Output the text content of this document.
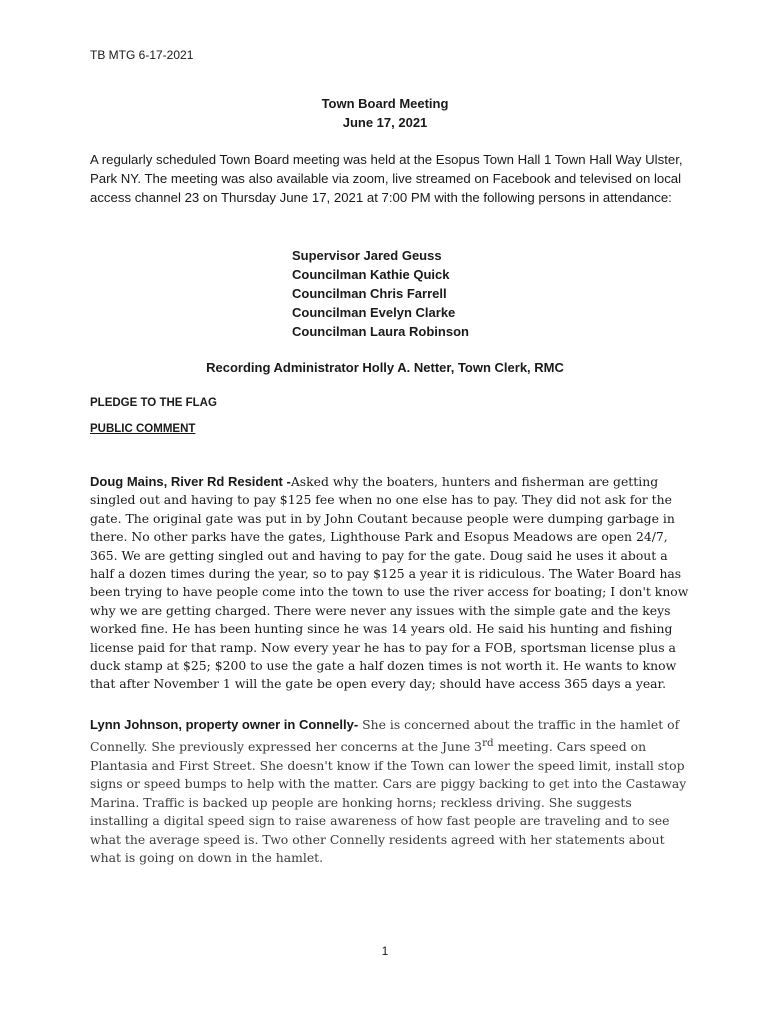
TB MTG 6-17-2021
Town Board Meeting
June 17, 2021
A regularly scheduled Town Board meeting was held at the Esopus Town Hall 1 Town Hall Way Ulster, Park NY. The meeting was also available via zoom, live streamed on Facebook and televised on local access channel 23 on Thursday June 17, 2021 at 7:00 PM with the following persons in attendance:
Supervisor Jared Geuss
Councilman Kathie Quick
Councilman Chris Farrell
Councilman Evelyn Clarke
Councilman Laura Robinson
Recording Administrator Holly A. Netter, Town Clerk, RMC
PLEDGE TO THE FLAG
PUBLIC COMMENT
Doug Mains, River Rd Resident -Asked why the boaters, hunters and fisherman are getting singled out and having to pay $125 fee when no one else has to pay. They did not ask for the gate. The original gate was put in by John Coutant because people were dumping garbage in there. No other parks have the gates, Lighthouse Park and Esopus Meadows are open 24/7, 365. We are getting singled out and having to pay for the gate. Doug said he uses it about a half a dozen times during the year, so to pay $125 a year it is ridiculous. The Water Board has been trying to have people come into the town to use the river access for boating; I don't know why we are getting charged. There were never any issues with the simple gate and the keys worked fine. He has been hunting since he was 14 years old. He said his hunting and fishing license paid for that ramp. Now every year he has to pay for a FOB, sportsman license plus a duck stamp at $25; $200 to use the gate a half dozen times is not worth it. He wants to know that after November 1 will the gate be open every day; should have access 365 days a year.
Lynn Johnson, property owner in Connelly- She is concerned about the traffic in the hamlet of Connelly. She previously expressed her concerns at the June 3rd meeting. Cars speed on Plantasia and First Street. She doesn't know if the Town can lower the speed limit, install stop signs or speed bumps to help with the matter. Cars are piggy backing to get into the Castaway Marina. Traffic is backed up people are honking horns; reckless driving. She suggests installing a digital speed sign to raise awareness of how fast people are traveling and to see what the average speed is. Two other Connelly residents agreed with her statements about what is going on down in the hamlet.
1
